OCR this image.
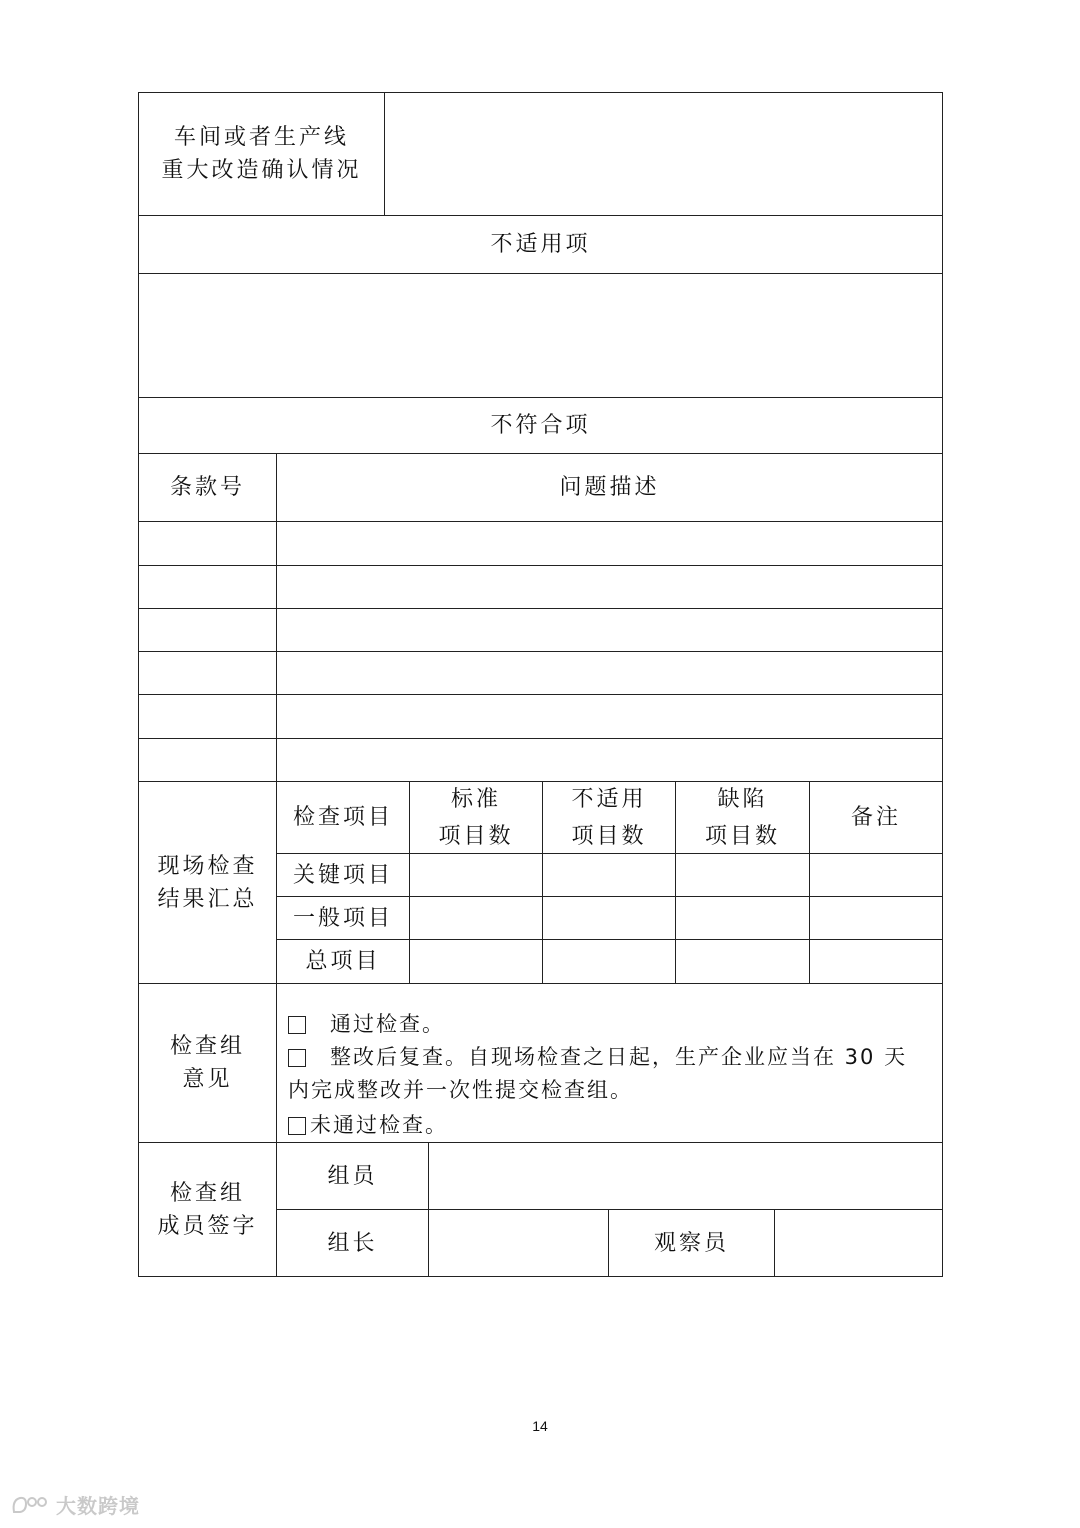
车间或者生产线
重大改造确认情况
不适用项
不符合项
条款号	问题描述
现场检查
结果汇总
检查项目
标准
项目数
不适用
项目数
缺陷
项目数
备注
关键项目
一般项目
总项目
检查组
意见
通过检查。
整改后复查。自现场检查之日起，生产企业应当在 30 天
内完成整改并一次性提交检查组。
未通过检查。
检查组
成员签字
组员
组长	观察员
14
大数跨境
